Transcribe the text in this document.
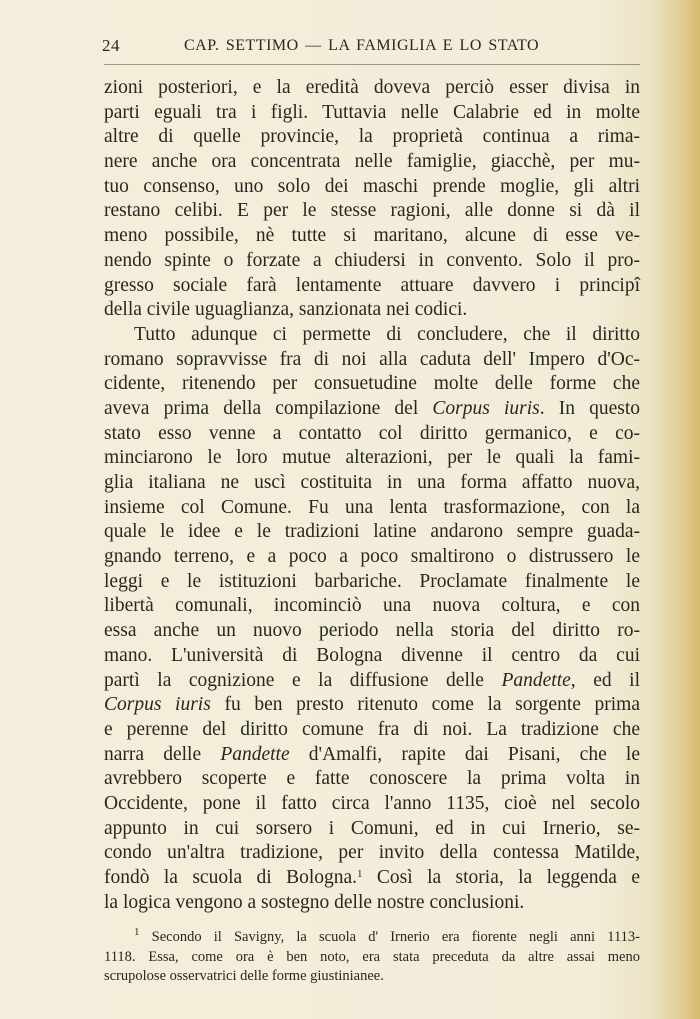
24	CAP. SETTIMO — LA FAMIGLIA E LO STATO
zioni posteriori, e la eredità doveva perciò esser divisa in
parti eguali tra i figli. Tuttavia nelle Calabrie ed in molte
altre di quelle provincie, la proprietà continua a rima-
nere anche ora concentrata nelle famiglie, giacchè, per mu-
tuo consenso, uno solo dei maschi prende moglie, gli altri
restano celibi. E per le stesse ragioni, alle donne si dà il
meno possibile, nè tutte si maritano, alcune di esse ve-
nendo spinte o forzate a chiudersi in convento. Solo il pro-
gresso sociale farà lentamente attuare davvero i principî
della civile uguaglianza, sanzionata nei codici.
Tutto adunque ci permette di concludere, che il diritto
romano sopravvisse fra di noi alla caduta dell' Impero d'Oc-
cidente, ritenendo per consuetudine molte delle forme che
aveva prima della compilazione del Corpus iuris. In questo
stato esso venne a contatto col diritto germanico, e co-
minciarono le loro mutue alterazioni, per le quali la fami-
glia italiana ne uscì costituita in una forma affatto nuova,
insieme col Comune. Fu una lenta trasformazione, con la
quale le idee e le tradizioni latine andarono sempre guada-
gnando terreno, e a poco a poco smaltirono o distrussero le
leggi e le istituzioni barbariche. Proclamate finalmente le
libertà comunali, incominciò una nuova coltura, e con
essa anche un nuovo periodo nella storia del diritto ro-
mano. L'università di Bologna divenne il centro da cui
partì la cognizione e la diffusione delle Pandette, ed il
Corpus iuris fu ben presto ritenuto come la sorgente prima
e perenne del diritto comune fra di noi. La tradizione che
narra delle Pandette d'Amalfi, rapite dai Pisani, che le
avrebbero scoperte e fatte conoscere la prima volta in
Occidente, pone il fatto circa l'anno 1135, cioè nel secolo
appunto in cui sorsero i Comuni, ed in cui Irnerio, se-
condo un'altra tradizione, per invito della contessa Matilde,
fondò la scuola di Bologna.$^1$ Così la storia, la leggenda e
la logica vengono a sostegno delle nostre conclusioni.
$^1$ Secondo il Savigny, la scuola d' Irnerio era fiorente negli anni 1113-
1118. Essa, come ora è ben noto, era stata preceduta da altre assai meno
scrupolose osservatrici delle forme giustinianee.
